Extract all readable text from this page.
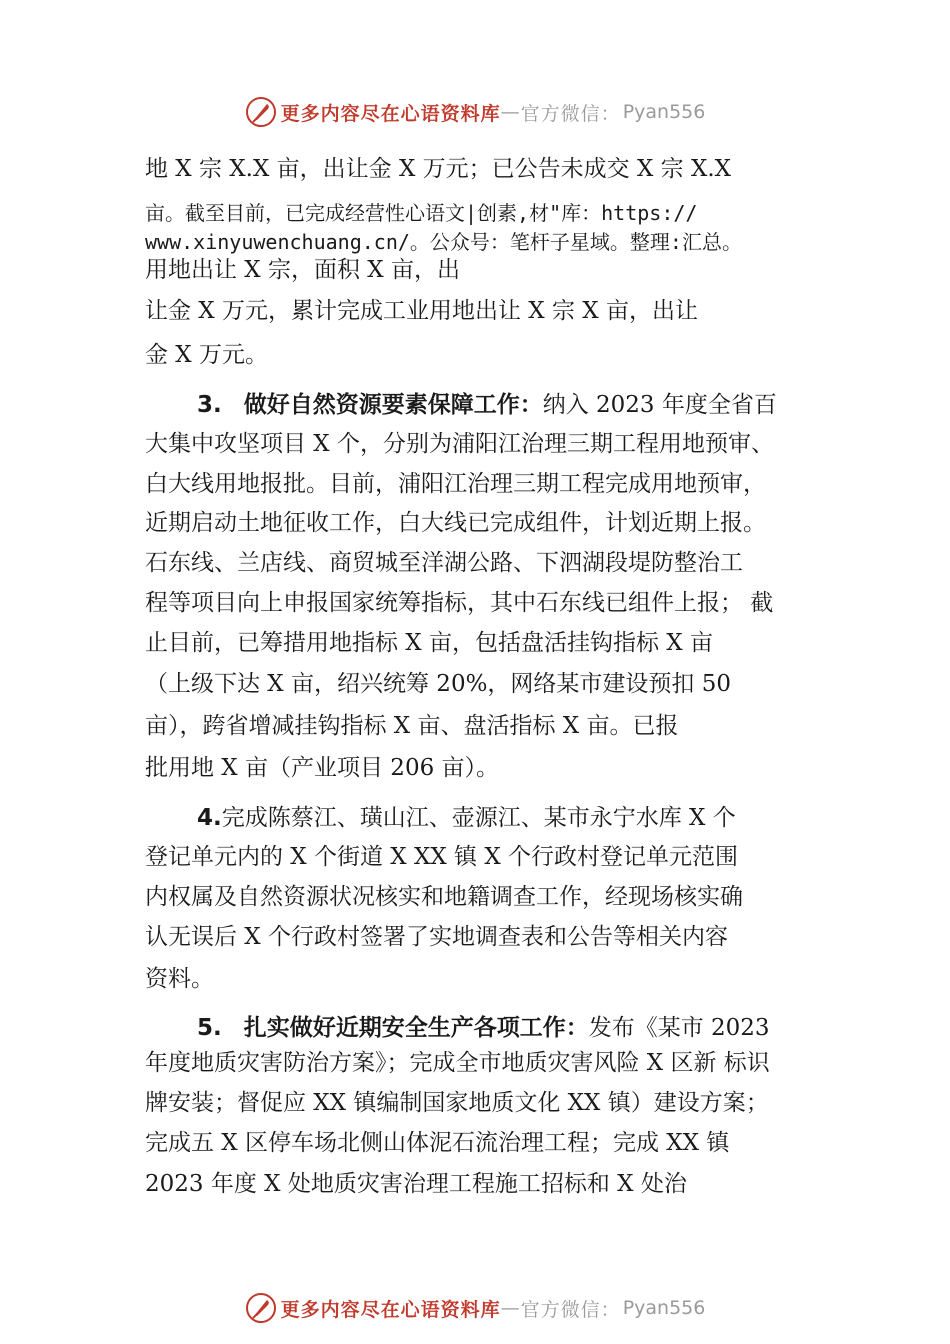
更多内容尽在心语资料库 — 官方微信： Pyan556
地 X 宗 X.X 亩，出让金 X 万元；已公告未成交 X 宗 X.X
亩。截至目前，已完成经营性心语文|创素,材"库：https://
www.xinyuwenchuang.cn/。公众号：笔杆子星域。整理:汇总。
用地出让 X 宗，面积 X 亩，出
让金 X 万元，累计完成工业用地出让 X 宗 X 亩，出让
金 X 万元。
3. 做好自然资源要素保障工作：纳入 2023 年度全省百
大集中攻坚项目 X 个，分别为浦阳江治理三期工程用地预审、
白大线用地报批。目前，浦阳江治理三期工程完成用地预审，
近期启动土地征收工作，白大线已完成组件，计划近期上报。
石东线、兰店线、商贸城至洋湖公路、下泗湖段堤防整治工
程等项目向上申报国家统筹指标，其中石东线已组件上报； 截
止目前，已筹措用地指标 X 亩，包括盘活挂钩指标 X 亩
（上级下达 X 亩，绍兴统筹 20%，网络某市建设预扣 50
亩），跨省增减挂钩指标 X 亩、盘活指标 X 亩。已报
批用地 X 亩（产业项目 206 亩）。
4.完成陈蔡江、璜山江、壶源江、某市永宁水库 X 个
登记单元内的 X 个街道 X XX 镇 X 个行政村登记单元范围
内权属及自然资源状况核实和地籍调查工作，经现场核实确
认无误后 X 个行政村签署了实地调查表和公告等相关内容
资料。
5. 扎实做好近期安全生产各项工作：发布《某市 2023
年度地质灾害防治方案》；完成全市地质灾害风险 X 区新 标识
牌安装；督促应 XX 镇编制国家地质文化 XX 镇）建设方案；
完成五 X 区停车场北侧山体泥石流治理工程；完成 XX 镇
2023 年度 X 处地质灾害治理工程施工招标和 X 处治
更多内容尽在心语资料库 — 官方微信： Pyan556
